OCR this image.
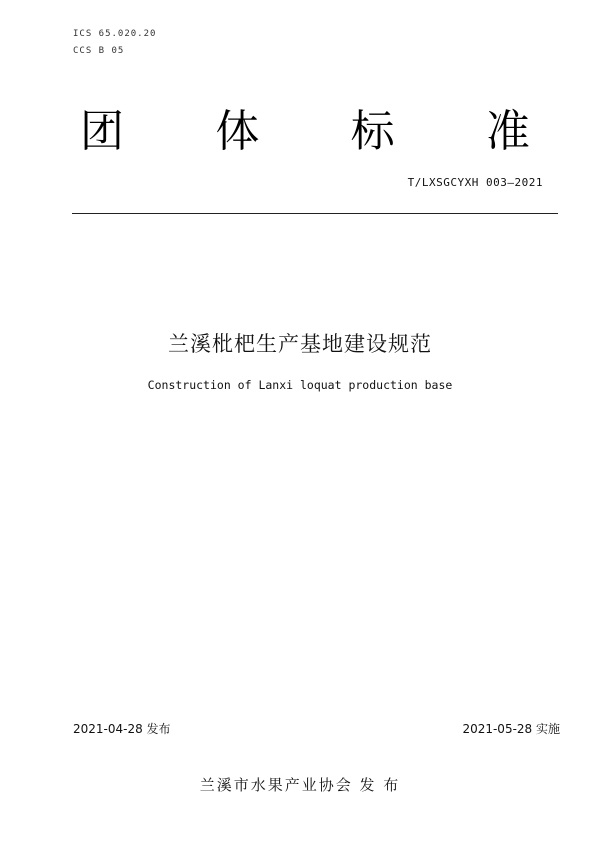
ICS 65.020.20
CCS B 05
团 体 标 准
T/LXSGCYXH 003—2021
兰溪枇杷生产基地建设规范
Construction of Lanxi loquat production base
2021-04-28 发布	2021-05-28 实施
兰溪市水果产业协会 发 布
